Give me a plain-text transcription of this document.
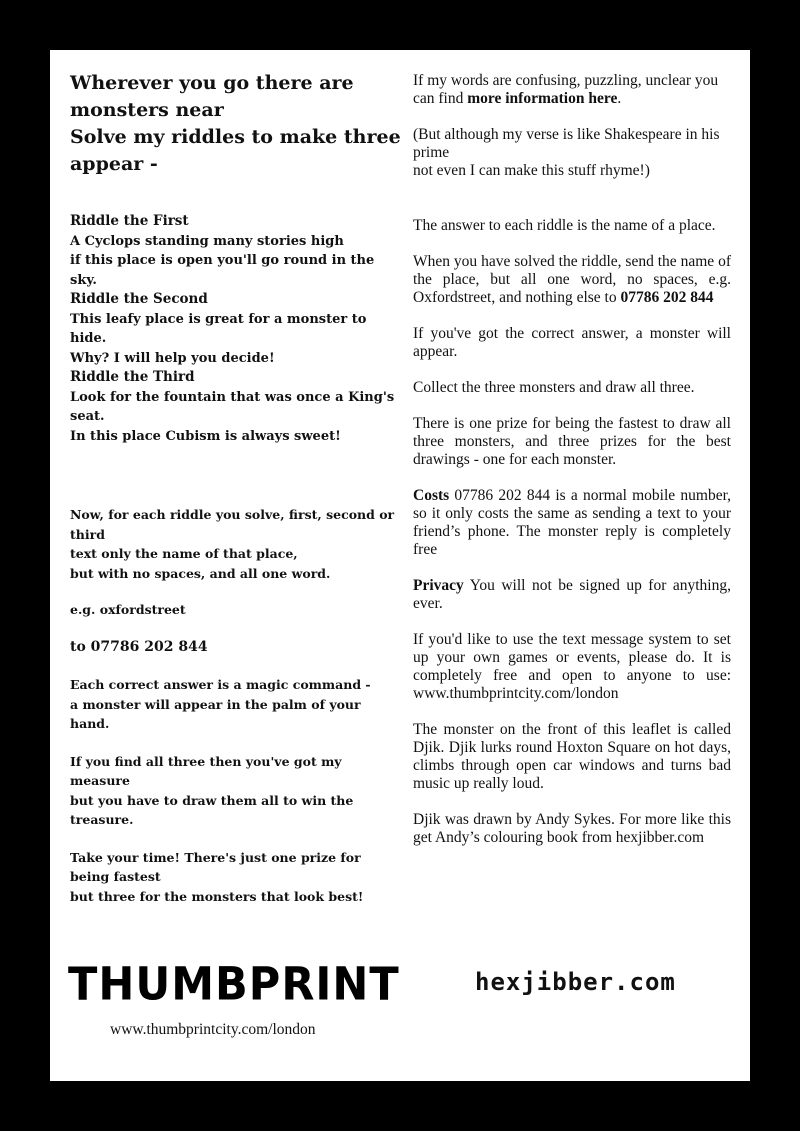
Wherever you go there are
monsters near
Solve my riddles to make three
appear -

If my words are confusing, puzzling, unclear you can find more information here.

(But although my verse is like Shakespeare in his prime
not even I can make this stuff rhyme!)

Riddle the First

A Cyclops standing many stories high

if this place is open you'll go round in the sky.

Riddle the Second

This leafy place is great for a monster to hide.

Why? I will help you decide!

Riddle the Third

Look for the fountain that was once a King's seat.

In this place Cubism is always sweet!

Now, for each riddle you solve, first, second or third

text only the name of that place,

but with no spaces, and all one word.

e.g. oxfordstreet

to 07786 202 844

Each correct answer is a magic command -

a monster will appear in the palm of your hand.

If you find all three then you've got my measure

but you have to draw them all to win the treasure.

Take your time! There's just one prize for being fastest

but three for the monsters that look best!

The answer to each riddle is the name of a place.

When you have solved the riddle, send the name of the place, but all one word, no spaces, e.g. Oxfordstreet, and nothing else to 07786 202 844

If you've got the correct answer, a monster will appear.

Collect the three monsters and draw all three.

There is one prize for being the fastest to draw all three monsters, and three prizes for the best drawings - one for each monster.

Costs 07786 202 844 is a normal mobile number, so it only costs the same as sending a text to your friend’s phone. The monster reply is completely free

Privacy You will not be signed up for anything, ever.

If you'd like to use the text message system to set up your own games or events, please do. It is completely free and open to anyone to use: www.thumbprintcity.com/london

The monster on the front of this leaflet is called Djik. Djik lurks round Hoxton Square on hot days, climbs through open car windows and turns bad music up really loud.

Djik was drawn by Andy Sykes. For more like this get Andy’s colouring book from hexjibber.com

THUMBPRINT	hexjibber.com
www.thumbprintcity.com/london
